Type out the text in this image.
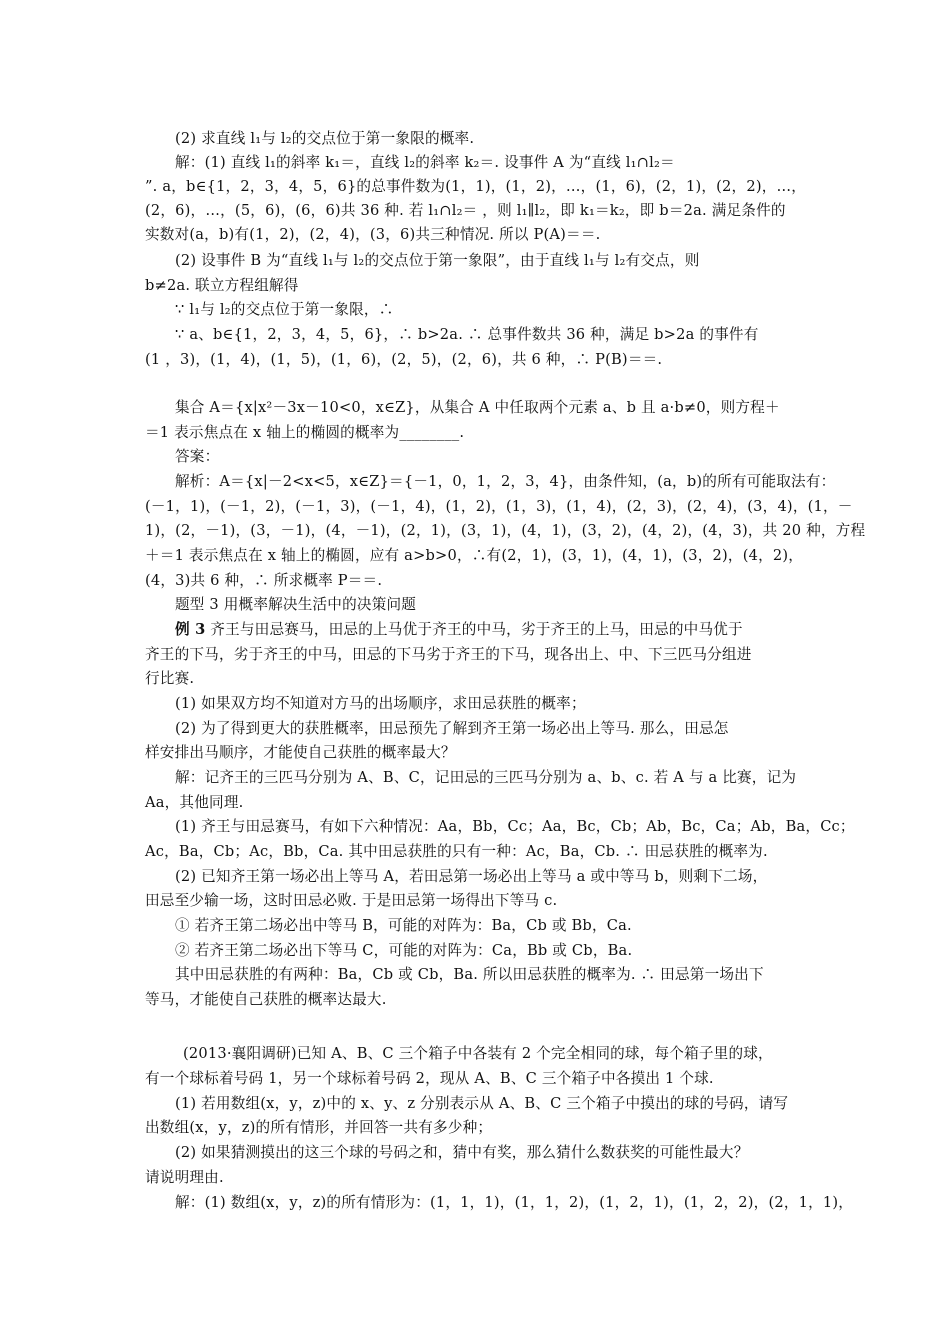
(2) 求直线 l₁与 l₂的交点位于第一象限的概率.
解：(1) 直线 l₁的斜率 k₁＝，直线 l₂的斜率 k₂＝. 设事件 A 为“直线 l₁∩l₂＝
”. a，b∈{1，2，3，4，5，6}的总事件数为(1，1)，(1，2)，…，(1，6)，(2，1)，(2，2)，…，
(2，6)，…，(5，6)，(6，6)共 36 种. 若 l₁∩l₂＝ ，则 l₁∥l₂，即 k₁＝k₂，即 b＝2a. 满足条件的
实数对(a，b)有(1，2)，(2，4)，(3，6)共三种情况. 所以 P(A)＝＝.
(2) 设事件 B 为“直线 l₁与 l₂的交点位于第一象限”，由于直线 l₁与 l₂有交点，则
b≠2a. 联立方程组解得
∵ l₁与 l₂的交点位于第一象限，∴
∵ a、b∈{1，2，3，4，5，6}，∴ b>2a. ∴ 总事件数共 36 种，满足 b>2a 的事件有
(1 ，3)，(1，4)，(1，5)，(1，6)，(2，5)，(2，6)，共 6 种，∴ P(B)＝＝.
集合 A＝{x|x²－3x－10<0，x∈Z}，从集合 A 中任取两个元素 a、b 且 a·b≠0，则方程＋
＝1 表示焦点在 x 轴上的椭圆的概率为________.
答案：
解析：A＝{x|－2<x<5，x∈Z}＝{－1，0，1，2，3，4}，由条件知，(a，b)的所有可能取法有：
(－1，1)，(－1，2)，(－1，3)，(－1，4)，(1，2)，(1，3)，(1，4)，(2，3)，(2，4)，(3，4)，(1，－
1)，(2，－1)，(3，－1)，(4，－1)，(2，1)，(3，1)，(4，1)，(3，2)，(4，2)，(4，3)，共 20 种，方程
＋＝1 表示焦点在 x 轴上的椭圆，应有 a>b>0，∴有(2，1)，(3，1)，(4，1)，(3，2)，(4，2)，
(4，3)共 6 种，∴ 所求概率 P＝＝.
题型 3 用概率解决生活中的决策问题
例 3 齐王与田忌赛马，田忌的上马优于齐王的中马，劣于齐王的上马，田忌的中马优于
齐王的下马，劣于齐王的中马，田忌的下马劣于齐王的下马，现各出上、中、下三匹马分组进
行比赛.
(1) 如果双方均不知道对方马的出场顺序，求田忌获胜的概率；
(2) 为了得到更大的获胜概率，田忌预先了解到齐王第一场必出上等马. 那么，田忌怎
样安排出马顺序，才能使自己获胜的概率最大？
解：记齐王的三匹马分别为 A、B、C，记田忌的三匹马分别为 a、b、c. 若 A 与 a 比赛，记为
Aa，其他同理.
(1) 齐王与田忌赛马，有如下六种情况：Aa，Bb，Cc；Aa，Bc，Cb；Ab，Bc，Ca；Ab，Ba，Cc；
Ac，Ba，Cb；Ac，Bb，Ca. 其中田忌获胜的只有一种：Ac，Ba，Cb. ∴ 田忌获胜的概率为.
(2) 已知齐王第一场必出上等马 A，若田忌第一场必出上等马 a 或中等马 b，则剩下二场，
田忌至少输一场，这时田忌必败. 于是田忌第一场得出下等马 c.
① 若齐王第二场必出中等马 B，可能的对阵为：Ba，Cb 或 Bb，Ca.
② 若齐王第二场必出下等马 C，可能的对阵为：Ca，Bb 或 Cb，Ba.
其中田忌获胜的有两种：Ba，Cb 或 Cb，Ba. 所以田忌获胜的概率为. ∴ 田忌第一场出下
等马，才能使自己获胜的概率达最大.
(2013·襄阳调研)已知 A、B、C 三个箱子中各装有 2 个完全相同的球，每个箱子里的球，
有一个球标着号码 1，另一个球标着号码 2，现从 A、B、C 三个箱子中各摸出 1 个球.
(1) 若用数组(x，y，z)中的 x、y、z 分别表示从 A、B、C 三个箱子中摸出的球的号码，请写
出数组(x，y，z)的所有情形，并回答一共有多少种；
(2) 如果猜测摸出的这三个球的号码之和，猜中有奖，那么猜什么数获奖的可能性最大？
请说明理由.
解：(1) 数组(x，y，z)的所有情形为：(1，1，1)，(1，1，2)，(1，2，1)，(1，2，2)，(2，1，1)，
